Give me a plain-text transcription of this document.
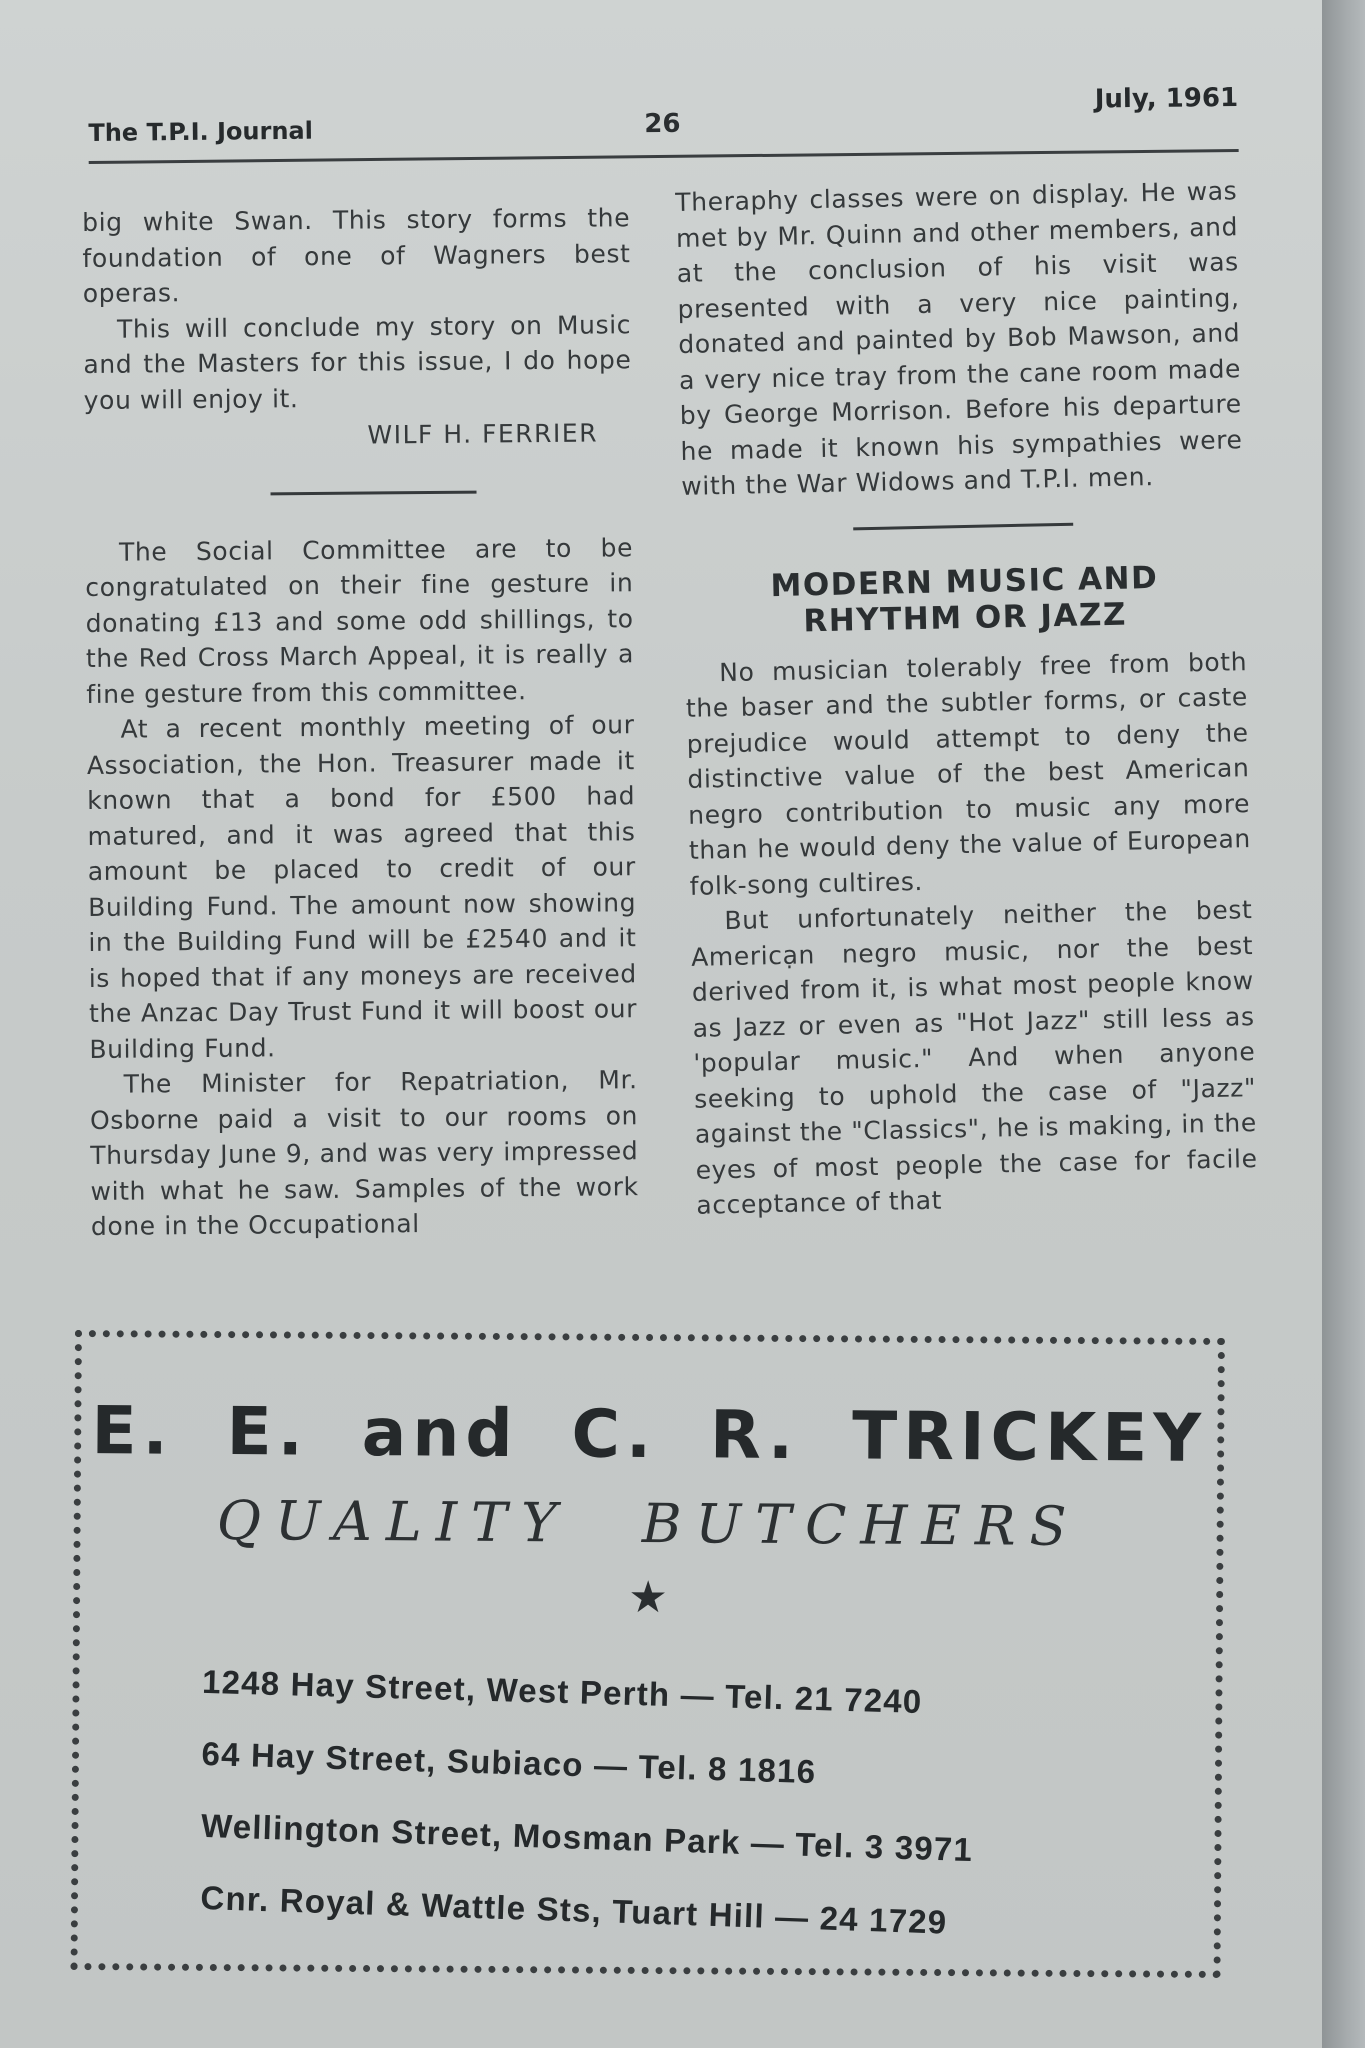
The T.P.I. Journal	26
July, 1961

big white Swan. This story forms the foundation of one of Wagners best operas.

This will conclude my story on Music and the Masters for this issue, I do hope you will enjoy it.

WILF H. FERRIER

The Social Committee are to be congratulated on their fine gesture in donating £13 and some odd shillings, to the Red Cross March Appeal, it is really a fine gesture from this committee.

At a recent monthly meeting of our Association, the Hon. Treasurer made it known that a bond for £500 had matured, and it was agreed that this amount be placed to credit of our Building Fund. The amount now showing in the Building Fund will be £2540 and it is hoped that if any moneys are received the Anzac Day Trust Fund it will boost our Building Fund.

The Minister for Repatriation, Mr. Osborne paid a visit to our rooms on Thursday June 9, and was very impressed with what he saw. Samples of the work done in the Occupational

Theraphy classes were on display. He was met by Mr. Quinn and other members, and at the conclusion of his visit was presented with a very nice painting, donated and painted by Bob Mawson, and a very nice tray from the cane room made by George Morrison. Before his departure he made it known his sympathies were with the War Widows and T.P.I. men.

MODERN MUSIC AND
RHYTHM OR JAZZ

No musician tolerably free from both the baser and the subtler forms, or caste prejudice would attempt to deny the distinctive value of the best American negro contribution to music any more than he would deny the value of European folk-song cultires.

But unfortunately neither the best Americạn negro music, nor the best derived from it, is what most people know as Jazz or even as "Hot Jazz" still less as 'popular music." And when anyone seeking to uphold the case of "Jazz" against the "Classics", he is making, in the eyes of most people the case for facile acceptance of that

E. E. and C. R. TRICKEY
QUALITY BUTCHERS
★
1248 Hay Street, West Perth — Tel. 21 7240
64 Hay Street, Subiaco — Tel. 8 1816
Wellington Street, Mosman Park — Tel. 3 3971
Cnr. Royal & Wattle Sts, Tuart Hill — 24 1729
